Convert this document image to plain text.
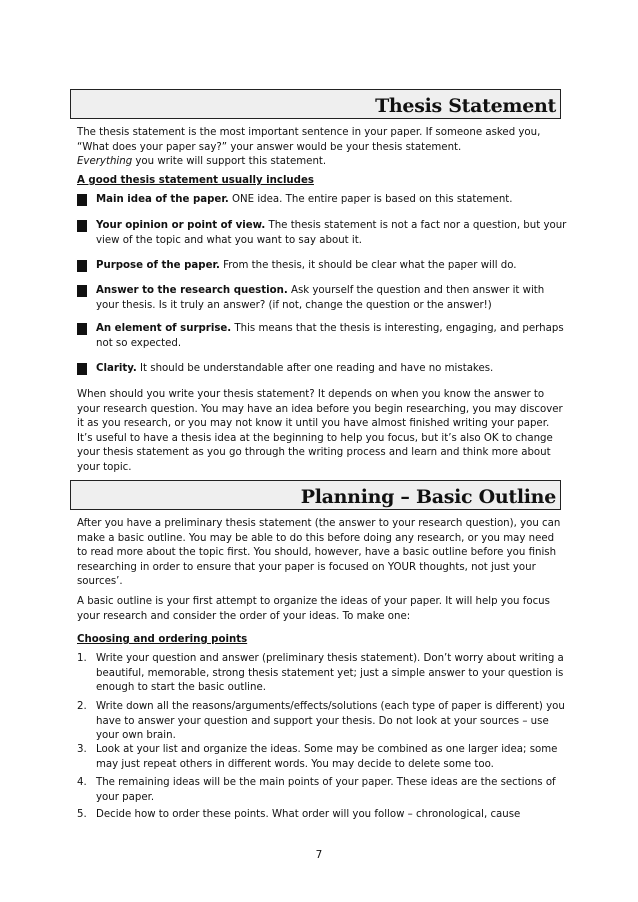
Thesis Statement

The thesis statement is the most important sentence in your paper. If someone asked you, “What does your paper say?” your answer would be your thesis statement.
Everything you write will support this statement.

A good thesis statement usually includes

Main idea of the paper. ONE idea. The entire paper is based on this statement.
Your opinion or point of view. The thesis statement is not a fact nor a question, but your view of the topic and what you want to say about it.
Purpose of the paper. From the thesis, it should be clear what the paper will do.
Answer to the research question. Ask yourself the question and then answer it with your thesis. Is it truly an answer? (if not, change the question or the answer!)
An element of surprise. This means that the thesis is interesting, engaging, and perhaps not so expected.
Clarity. It should be understandable after one reading and have no mistakes.

When should you write your thesis statement? It depends on when you know the answer to your research question. You may have an idea before you begin researching, you may discover it as you research, or you may not know it until you have almost finished writing your paper. It’s useful to have a thesis idea at the beginning to help you focus, but it’s also OK to change your thesis statement as you go through the writing process and learn and think more about your topic.

Planning – Basic Outline

After you have a preliminary thesis statement (the answer to your research question), you can make a basic outline. You may be able to do this before doing any research, or you may need to read more about the topic first. You should, however, have a basic outline before you finish researching in order to ensure that your paper is focused on YOUR thoughts, not just your sources’.

A basic outline is your first attempt to organize the ideas of your paper. It will help you focus your research and consider the order of your ideas. To make one:

Choosing and ordering points

1. Write your question and answer (preliminary thesis statement). Don’t worry about writing a beautiful, memorable, strong thesis statement yet; just a simple answer to your question is enough to start the basic outline.
2. Write down all the reasons/arguments/effects/solutions (each type of paper is different) you have to answer your question and support your thesis. Do not look at your sources – use your own brain.
3. Look at your list and organize the ideas. Some may be combined as one larger idea; some may just repeat others in different words. You may decide to delete some too.
4. The remaining ideas will be the main points of your paper. These ideas are the sections of your paper.
5. Decide how to order these points. What order will you follow – chronological, cause
7
